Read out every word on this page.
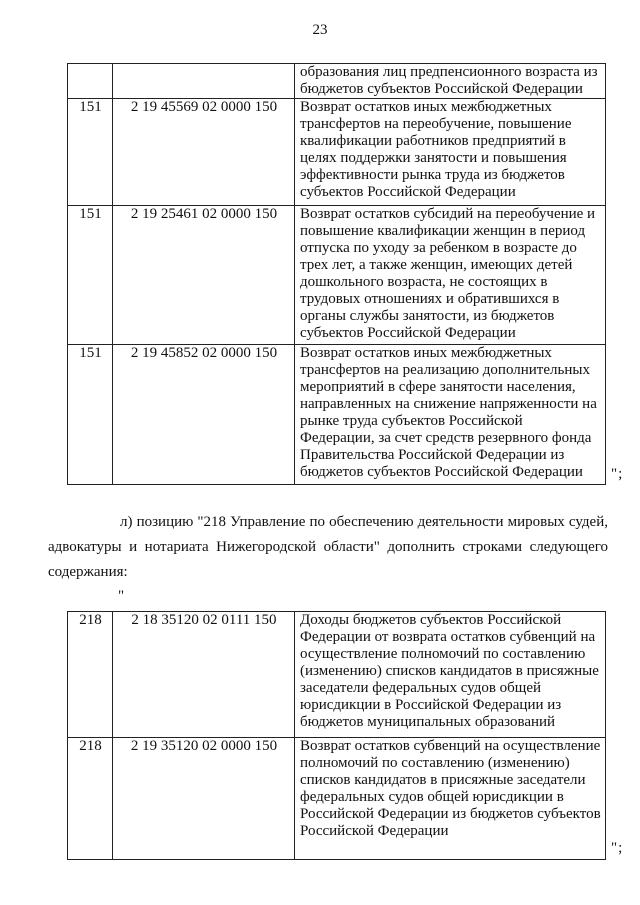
23
		образования лиц предпенсионного возраста из бюджетов субъектов Российской Федерации
151	2 19 45569 02 0000 150	Возврат остатков иных межбюджетных трансфертов на переобучение, повышение квалификации работников предприятий в целях поддержки занятости и повышения эффективности рынка труда из бюджетов субъектов Российской Федерации
151	2 19 25461 02 0000 150	Возврат остатков субсидий на переобучение и повышение квалификации женщин в период отпуска по уходу за ребенком в возрасте до трех лет, а также женщин, имеющих детей дошкольного возраста, не состоящих в трудовых отношениях и обратившихся в органы службы занятости, из бюджетов субъектов Российской Федерации
151	2 19 45852 02 0000 150	Возврат остатков иных межбюджетных трансфертов на реализацию дополнительных мероприятий в сфере занятости населения, направленных на снижение напряженности на рынке труда субъектов Российской Федерации, за счет средств резервного фонда Правительства Российской Федерации из бюджетов субъектов Российской Федерации ";
л) позицию "218 Управление по обеспечению деятельности мировых судей, адвокатуры и нотариата Нижегородской области" дополнить строками следующего содержания:
"
218	2 18 35120 02 0111 150	Доходы бюджетов субъектов Российской Федерации от возврата остатков субвенций на осуществление полномочий по составлению (изменению) списков кандидатов в присяжные заседатели федеральных судов общей юрисдикции в Российской Федерации из бюджетов муниципальных образований
218	2 19 35120 02 0000 150	Возврат остатков субвенций на осуществление полномочий по составлению (изменению) списков кандидатов в присяжные заседатели федеральных судов общей юрисдикции в Российской Федерации из бюджетов субъектов Российской Федерации
";
